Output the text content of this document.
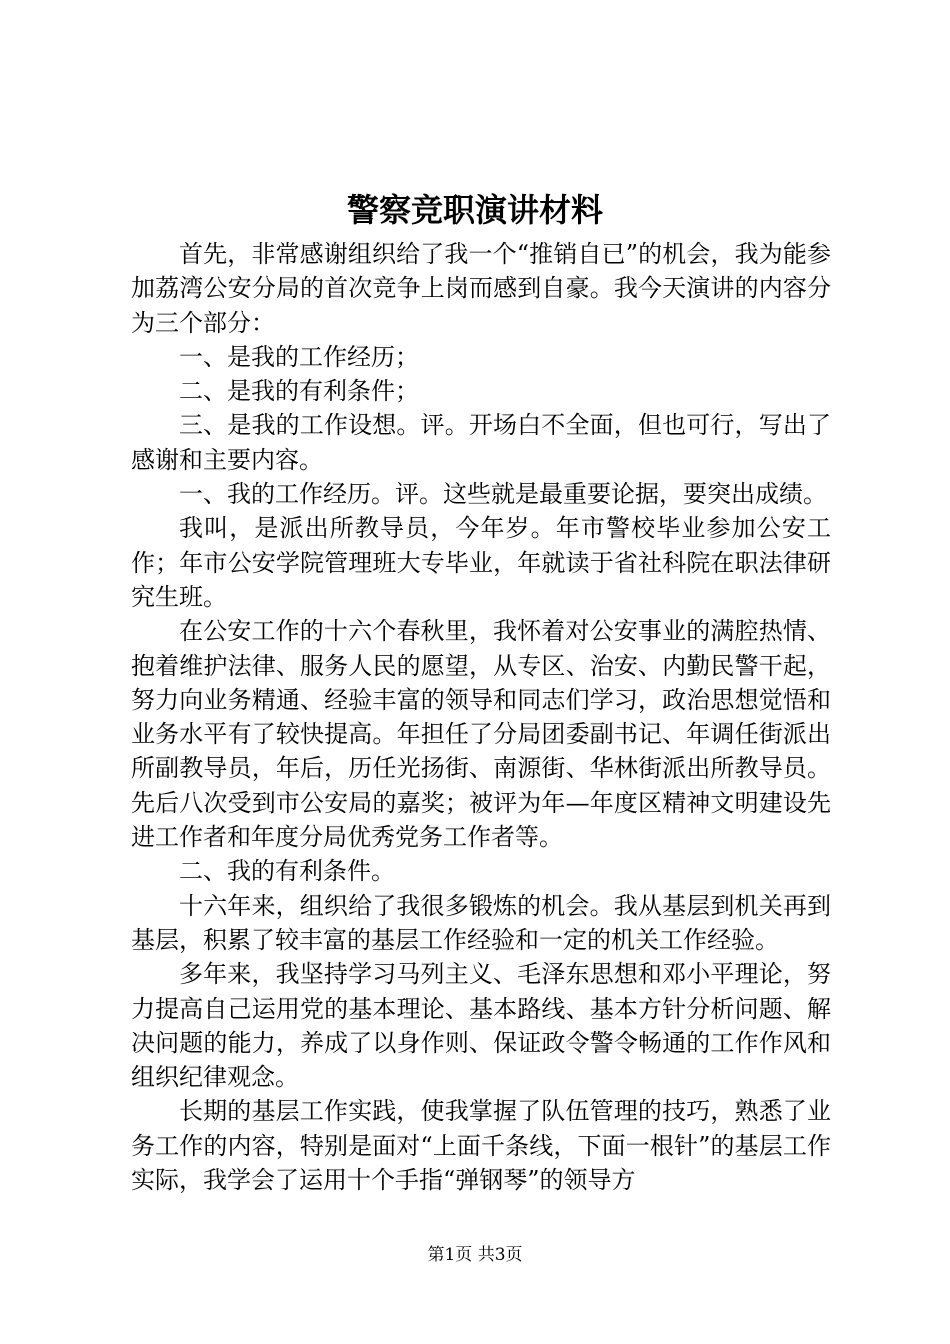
警察竞职演讲材料

首先，非常感谢组织给了我一个“推销自已”的机会，我为能参加荔湾公安分局的首次竞争上岗而感到自豪。我今天演讲的内容分为三个部分：

一、是我的工作经历；

二、是我的有利条件；

三、是我的工作设想。评。开场白不全面，但也可行，写出了感谢和主要内容。

一、我的工作经历。评。这些就是最重要论据，要突出成绩。

我叫，是派出所教导员，今年岁。年市警校毕业参加公安工作；年市公安学院管理班大专毕业，年就读于省社科院在职法律研究生班。

在公安工作的十六个春秋里，我怀着对公安事业的满腔热情、抱着维护法律、服务人民的愿望，从专区、治安、内勤民警干起，努力向业务精通、经验丰富的领导和同志们学习，政治思想觉悟和业务水平有了较快提高。年担任了分局团委副书记、年调任街派出所副教导员，年后，历任光扬街、南源街、华林街派出所教导员。先后八次受到市公安局的嘉奖；被评为年—年度区精神文明建设先进工作者和年度分局优秀党务工作者等。

二、我的有利条件。

十六年来，组织给了我很多锻炼的机会。我从基层到机关再到基层，积累了较丰富的基层工作经验和一定的机关工作经验。

多年来，我坚持学习马列主义、毛泽东思想和邓小平理论，努力提高自己运用党的基本理论、基本路线、基本方针分析问题、解决问题的能力，养成了以身作则、保证政令警令畅通的工作作风和组织纪律观念。

长期的基层工作实践，使我掌握了队伍管理的技巧，熟悉了业务工作的内容，特别是面对“上面千条线，下面一根针”的基层工作实际，我学会了运用十个手指“弹钢琴”的领导方

第1页 共3页
